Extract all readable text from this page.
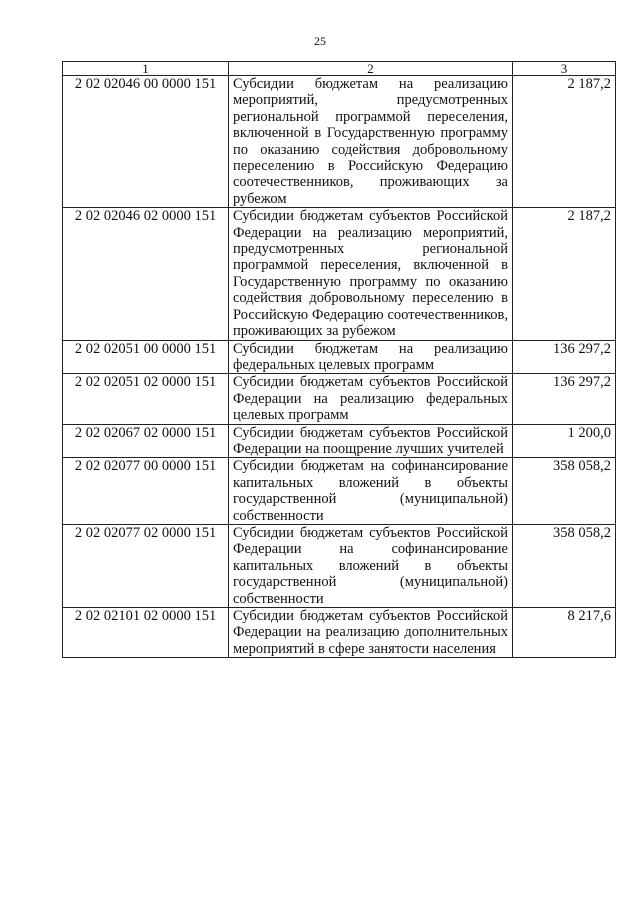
25
1	2	3
2 02 02046 00 0000 151	Субсидии бюджетам на реализацию мероприятий, предусмотренных региональной программой переселения, включенной в Государственную программу по оказанию содействия добровольному переселению в Российскую Федерацию соотечественников, проживающих за рубежом	2 187,2
2 02 02046 02 0000 151	Субсидии бюджетам субъектов Российской Федерации на реализацию мероприятий, предусмотренных региональной программой переселения, включенной в Государственную программу по оказанию содействия добровольному переселению в Российскую Федерацию соотечественников, проживающих за рубежом	2 187,2
2 02 02051 00 0000 151	Субсидии бюджетам на реализацию федеральных целевых программ	136 297,2
2 02 02051 02 0000 151	Субсидии бюджетам субъектов Российской Федерации на реализацию федеральных целевых программ	136 297,2
2 02 02067 02 0000 151	Субсидии бюджетам субъектов Российской Федерации на поощрение лучших учителей	1 200,0
2 02 02077 00 0000 151	Субсидии бюджетам на софинансирование капитальных вложений в объекты государственной (муниципальной) собственности	358 058,2
2 02 02077 02 0000 151	Субсидии бюджетам субъектов Российской Федерации на софинансирование капитальных вложений в объекты государственной (муниципальной) собственности	358 058,2
2 02 02101 02 0000 151	Субсидии бюджетам субъектов Российской Федерации на реализацию дополнительных мероприятий в сфере занятости населения	8 217,6
